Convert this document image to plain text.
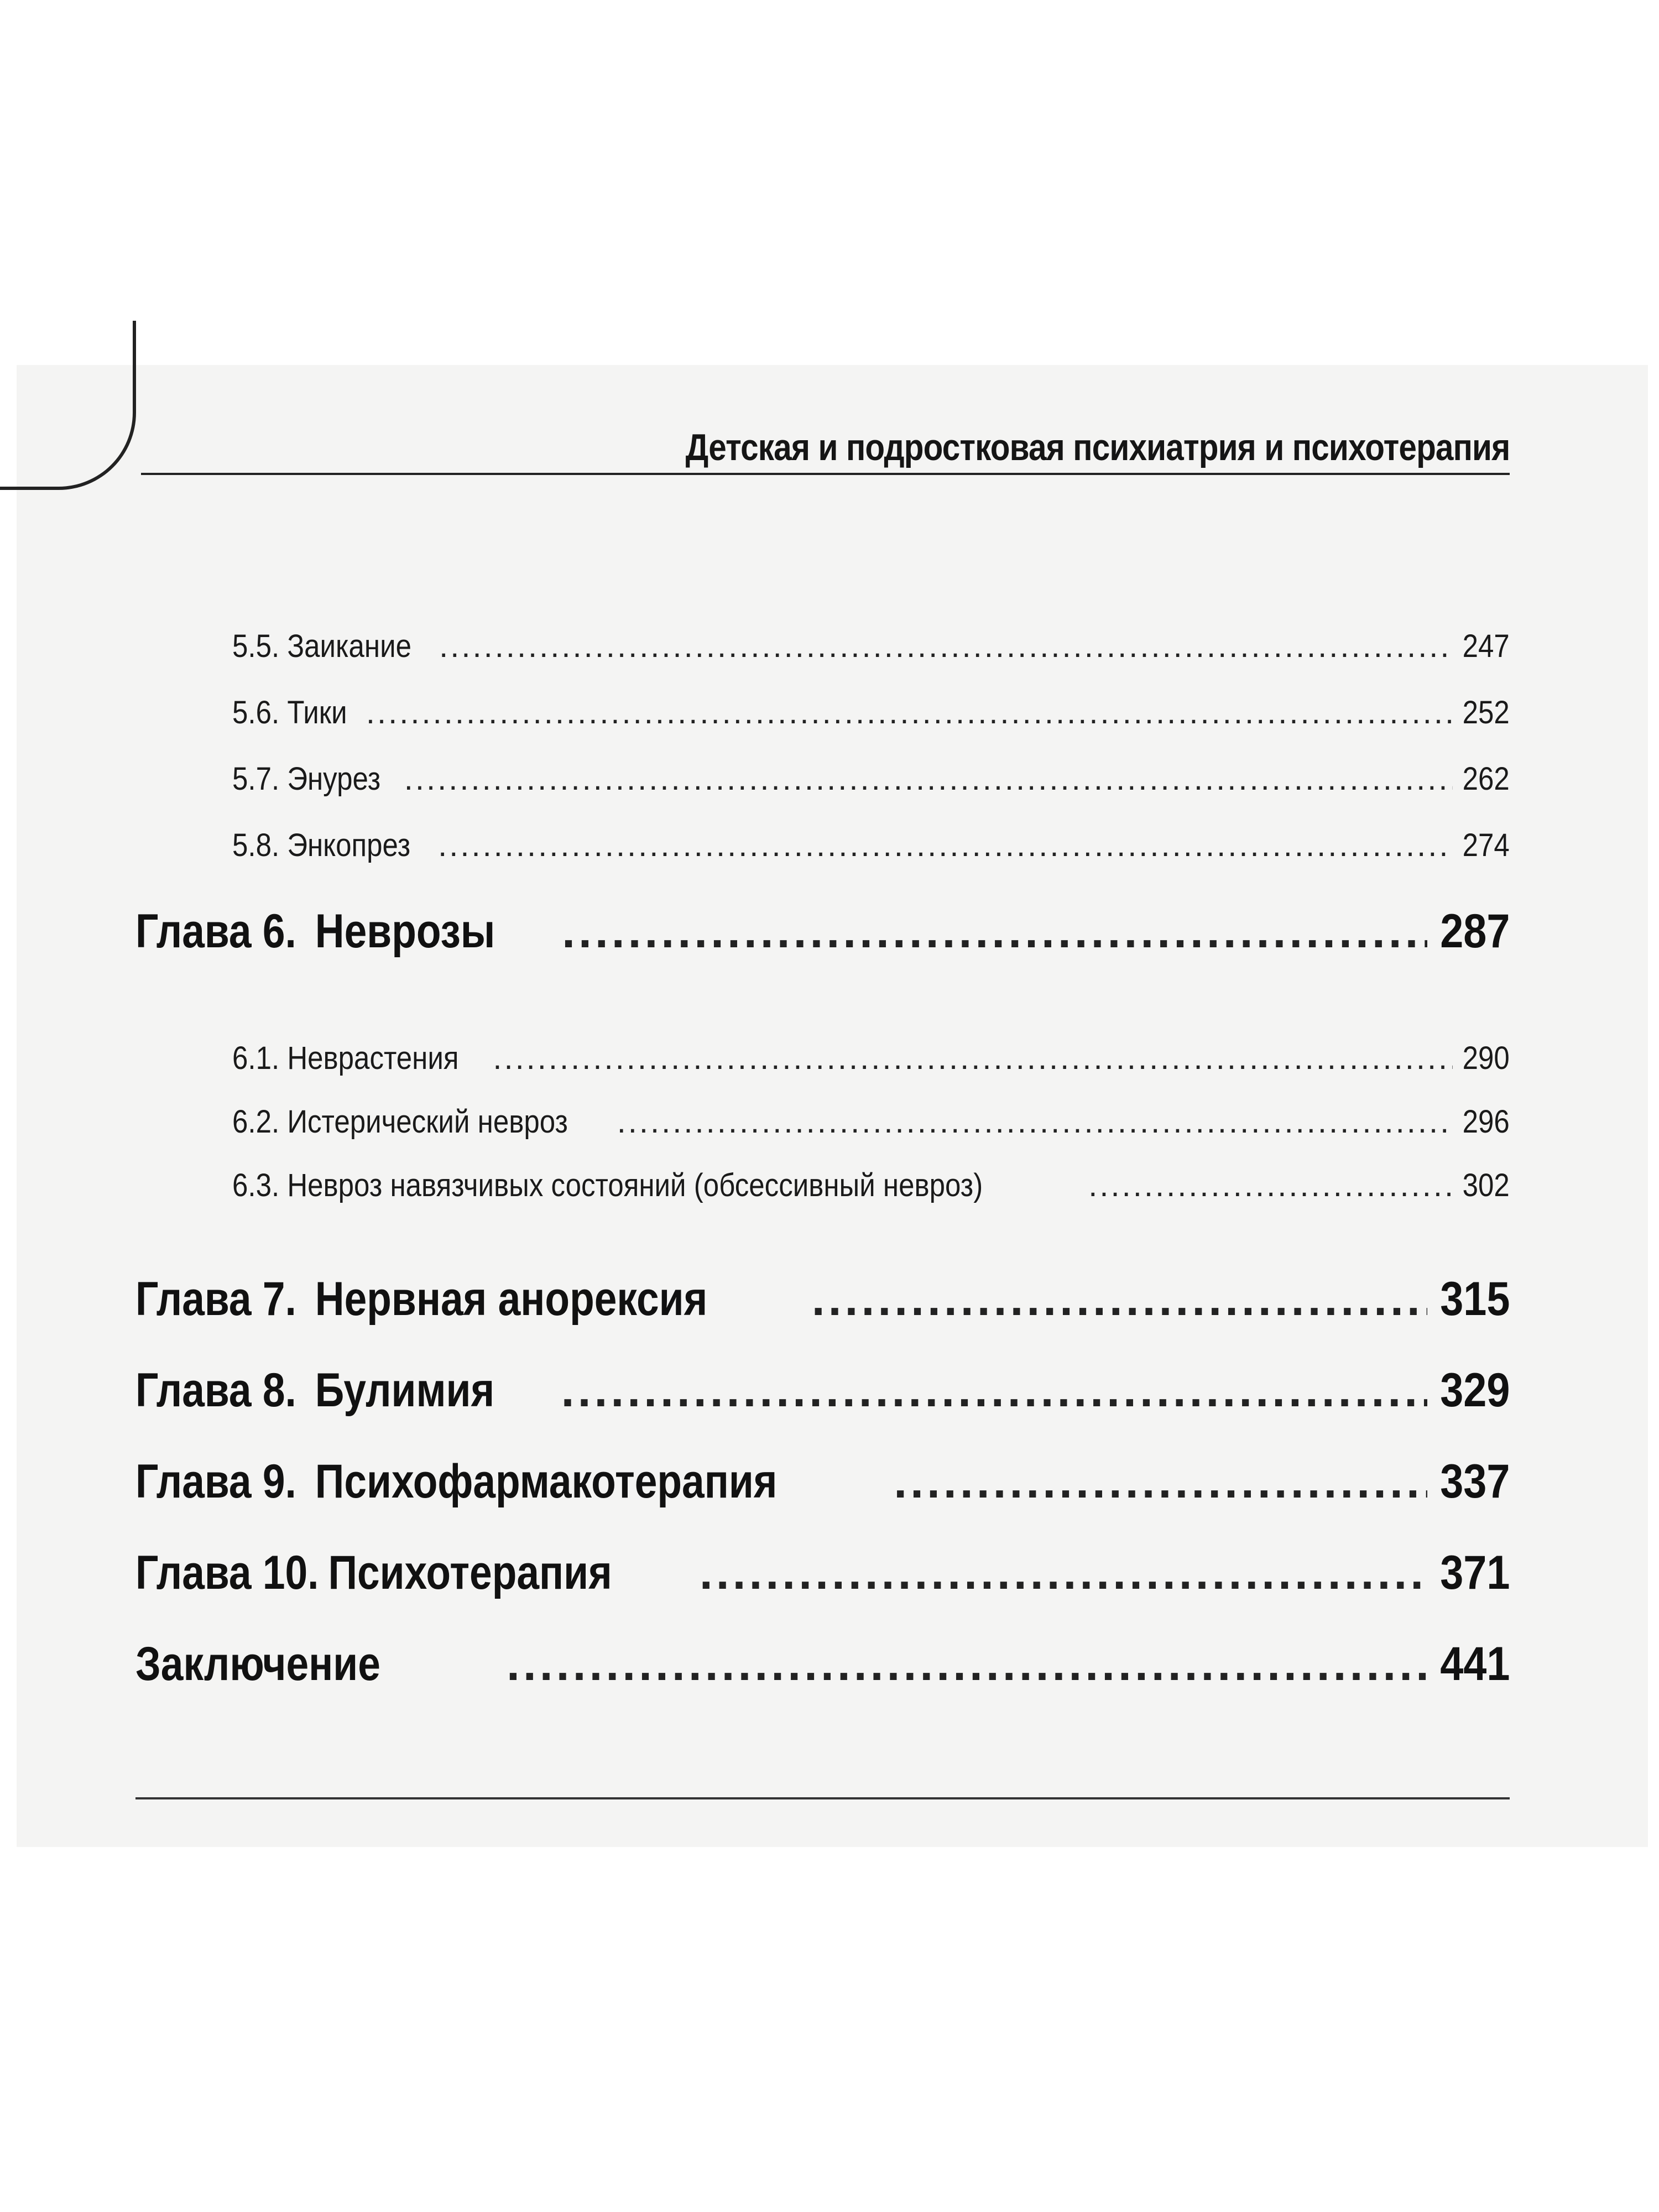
Детская и подростковая психиатрия и психотерапия
5.5. Заикание .....	247
5.6. Тики .....	252
5.7. Энурез .....	262
5.8. Энкопрез .....	274
Глава 6. Неврозы .....	287
6.1. Неврастения .....	290
6.2. Истерический невроз .....	296
6.3. Невроз навязчивых состояний (обсессивный невроз) .....	302
Глава 7. Нервная анорексия .....	315
Глава 8. Булимия .....	329
Глава 9. Психофармакотерапия .....	337
Глава 10. Психотерапия .....	371
Заключение .....	441
